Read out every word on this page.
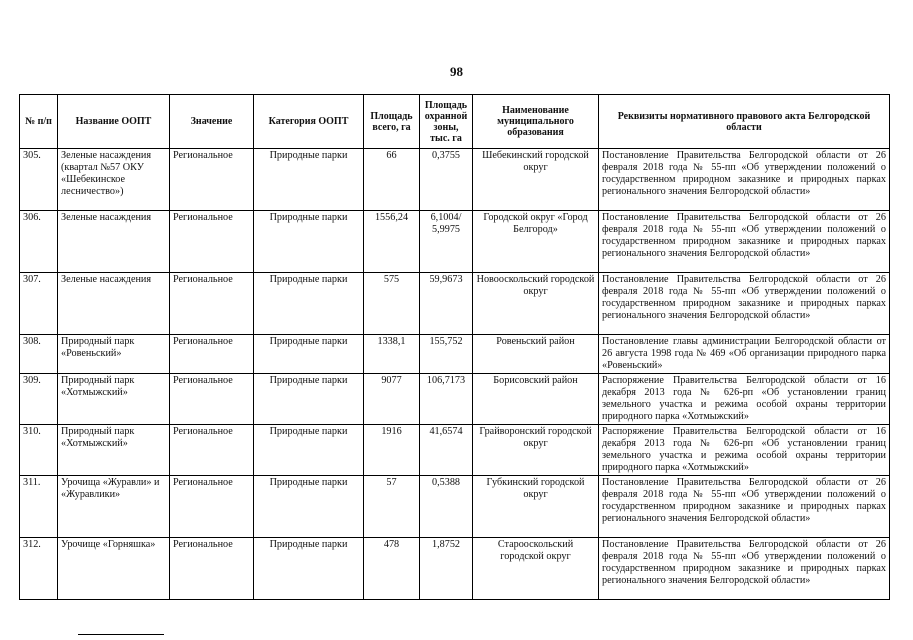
98
№ п/п	Название ООПТ	Значение	Категория ООПТ	Площадь всего, га	Площадь охранной зоны, тыс. га	Наименование муниципального образования	Реквизиты нормативного правового акта Белгородской области
305.	Зеленые насаждения (квартал №57 ОКУ «Шебекинское лесничество»)	Региональное	Природные парки	66	0,3755	Шебекинский городской округ	Постановление Правительства Белгородской области от 26 февраля 2018 года № 55-пп «Об утверждении положений о государственном природном заказнике и природных парках регионального значения Белгородской области»
306.	Зеленые насаждения	Региональное	Природные парки	1556,24	6,1004/ 5,9975	Городской округ «Город Белгород»	Постановление Правительства Белгородской области от 26 февраля 2018 года № 55-пп «Об утверждении положений о государственном природном заказнике и природных парках регионального значения Белгородской области»
307.	Зеленые насаждения	Региональное	Природные парки	575	59,9673	Новооскольский городской округ	Постановление Правительства Белгородской области от 26 февраля 2018 года № 55-пп «Об утверждении положений о государственном природном заказнике и природных парках регионального значения Белгородской области»
308.	Природный парк «Ровеньский»	Региональное	Природные парки	1338,1	155,752	Ровеньский район	Постановление главы администрации Белгородской области от 26 августа 1998 года № 469 «Об организации природного парка «Ровеньский»
309.	Природный парк «Хотмыжский»	Региональное	Природные парки	9077	106,7173	Борисовский район	Распоряжение Правительства Белгородской области от 16 декабря 2013 года № 626-рп «Об установлении границ земельного участка и режима особой охраны территории природного парка «Хотмыжский»
310.	Природный парк «Хотмыжский»	Региональное	Природные парки	1916	41,6574	Грайворонский городской округ	Распоряжение Правительства Белгородской области от 16 декабря 2013 года № 626-рп «Об установлении границ земельного участка и режима особой охраны территории природного парка «Хотмыжский»
311.	Урочища «Журавли» и «Журавлики»	Региональное	Природные парки	57	0,5388	Губкинский городской округ	Постановление Правительства Белгородской области от 26 февраля 2018 года № 55-пп «Об утверждении положений о государственном природном заказнике и природных парках регионального значения Белгородской области»
312.	Урочище «Горняшка»	Региональное	Природные парки	478	1,8752	Старооскольский городской округ	Постановление Правительства Белгородской области от 26 февраля 2018 года № 55-пп «Об утверждении положений о государственном природном заказнике и природных парках регионального значения Белгородской области»
